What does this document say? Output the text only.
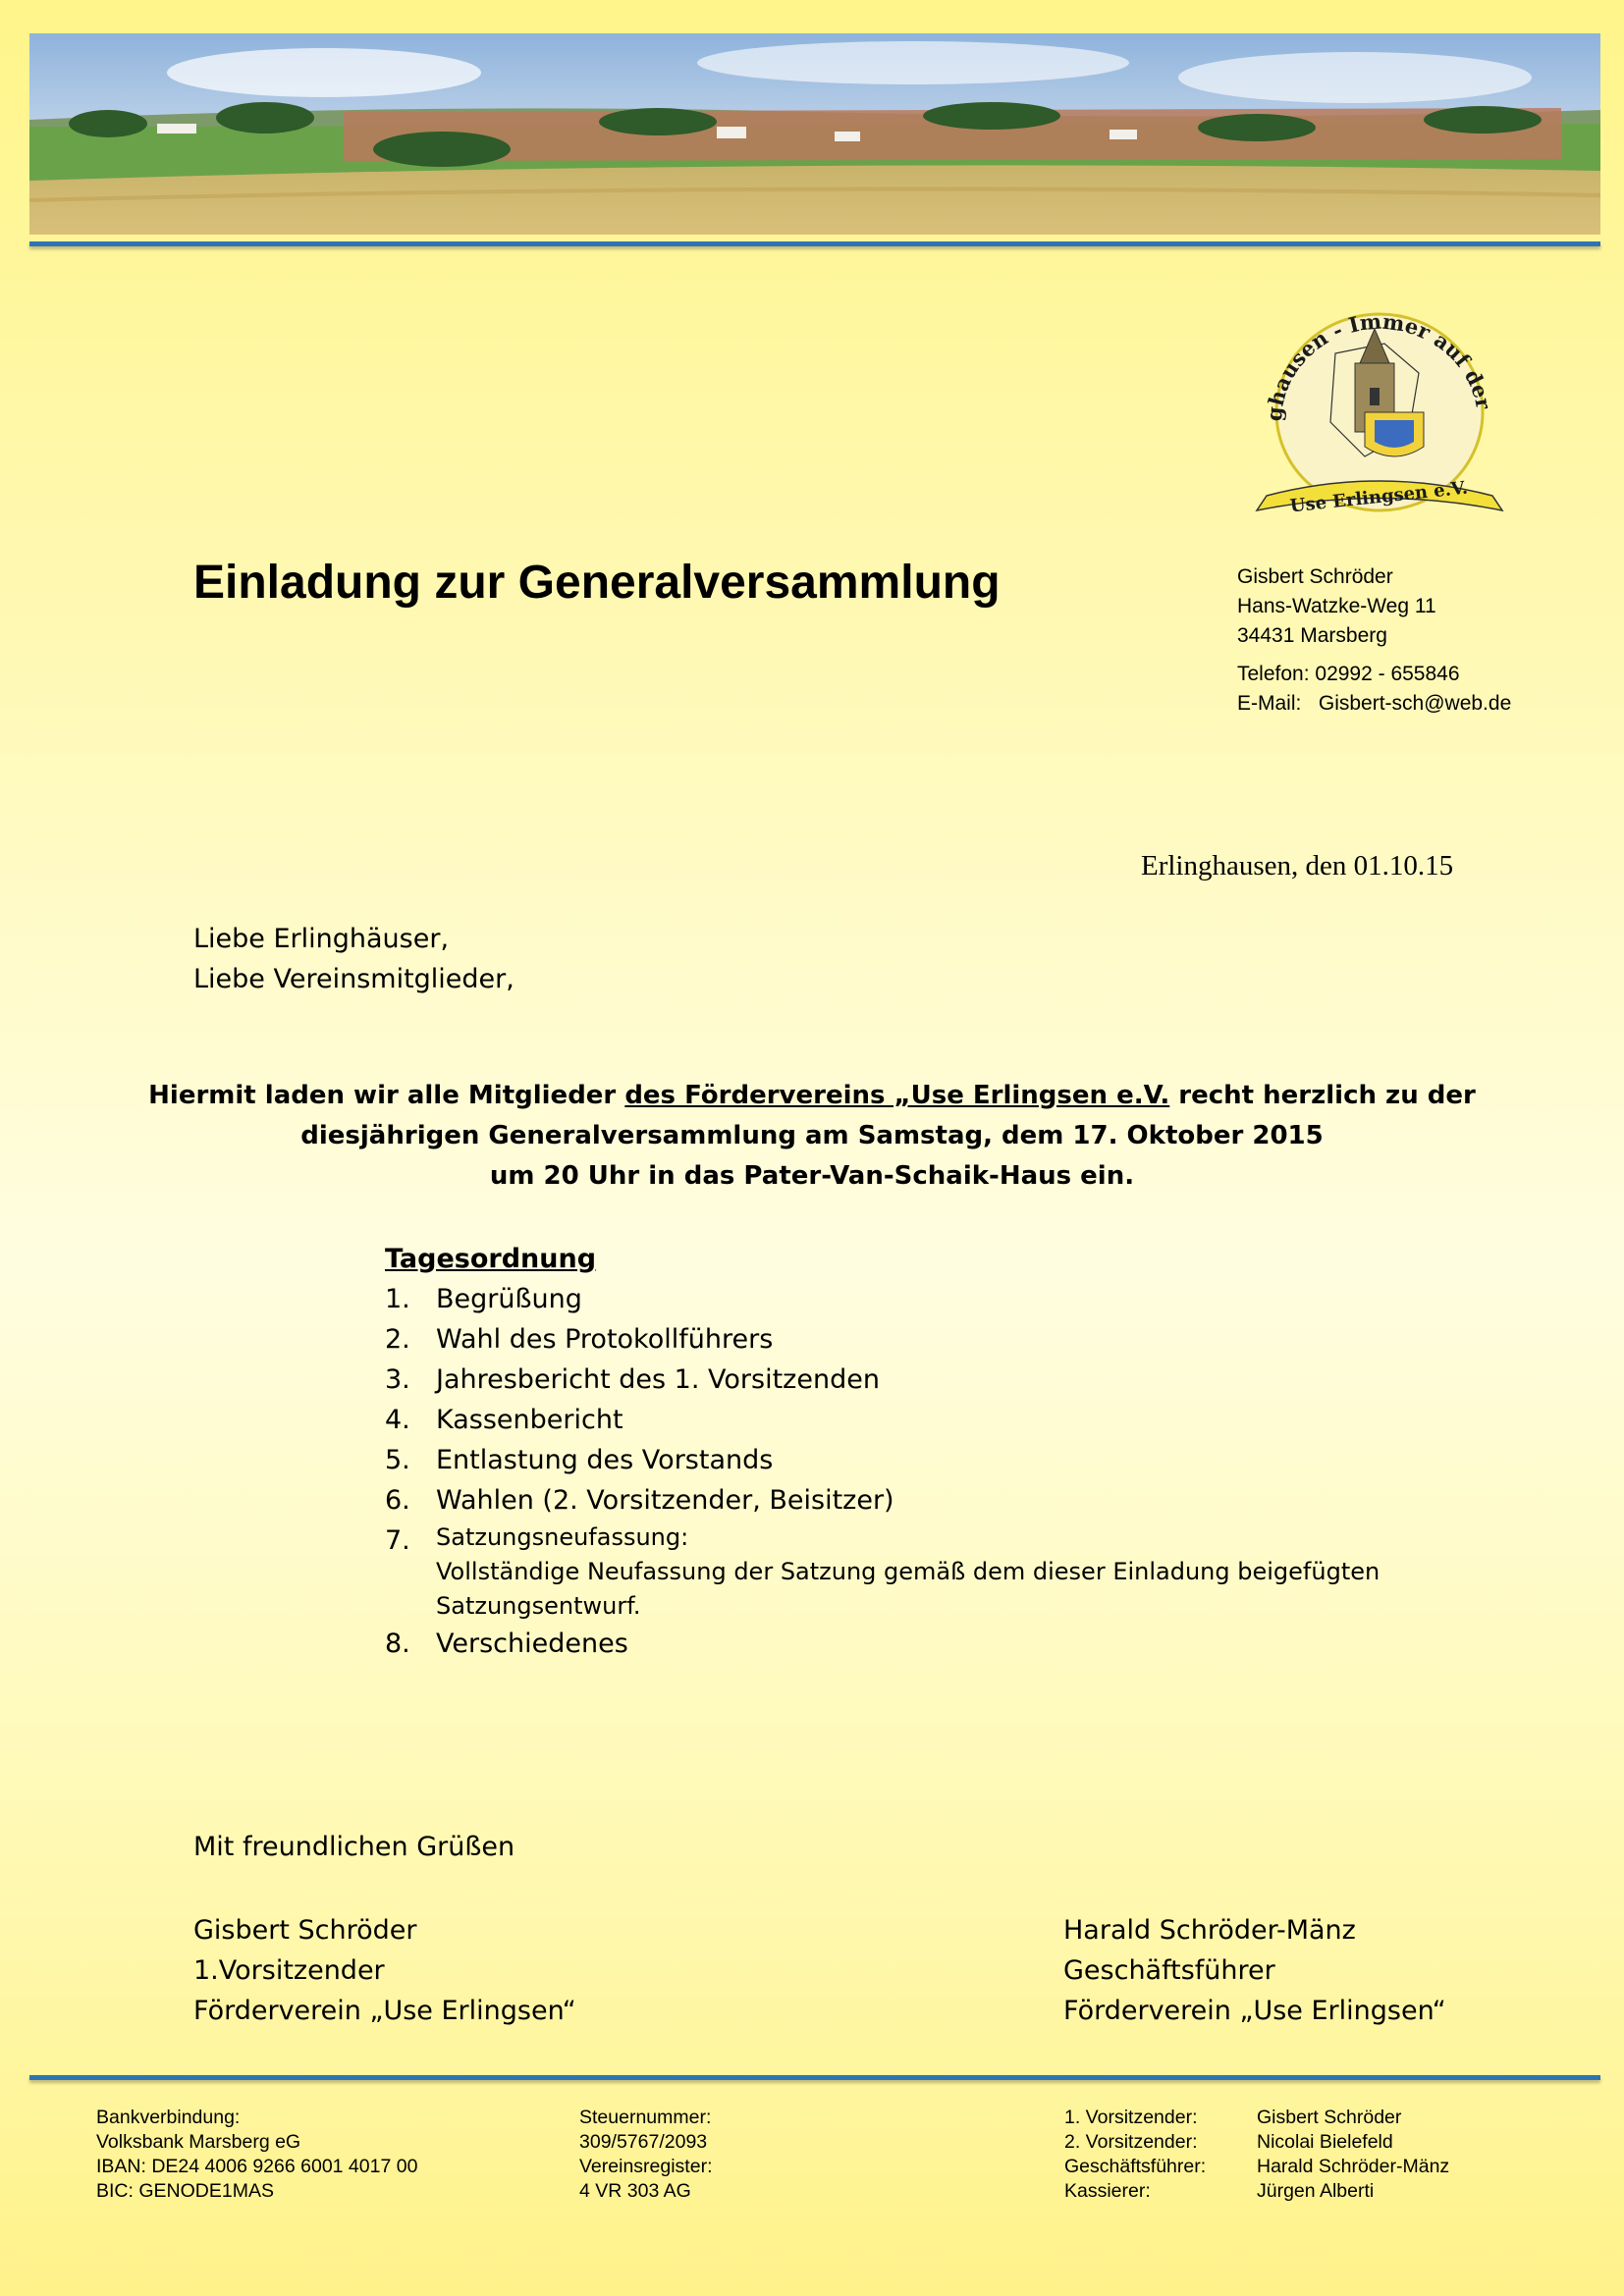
ghausen - Immer auf der
Use Erlingsen e.V.
Einladung zur Generalversammlung	Gisbert Schröder
Hans-Watzke-Weg 11
34431 Marsberg
Telefon: 02992 - 655846
E-Mail: Gisbert-sch@web.de
Erlinghausen, den 01.10.15
Liebe Erlinghäuser,
Liebe Vereinsmitglieder,
Hiermit laden wir alle Mitglieder des Fördervereins „Use Erlingsen e.V. recht herzlich zu der
diesjährigen Generalversammlung am Samstag, dem 17. Oktober 2015
um 20 Uhr in das Pater-Van-Schaik-Haus ein.
Tagesordnung
1. Begrüßung
2. Wahl des Protokollführers
3. Jahresbericht des 1. Vorsitzenden
4. Kassenbericht
5. Entlastung des Vorstands
6. Wahlen (2. Vorsitzender, Beisitzer)
7.	Satzungsneufassung:
Vollständige Neufassung der Satzung gemäß dem dieser Einladung beigefügten
Satzungsentwurf.
8. Verschiedenes
Mit freundlichen Grüßen
Gisbert Schröder
1.Vorsitzender
Förderverein „Use Erlingsen“
Harald Schröder-Mänz
Geschäftsführer
Förderverein „Use Erlingsen“
Bankverbindung:
Volksbank Marsberg eG
IBAN: DE24 4006 9266 6001 4017 00
BIC: GENODE1MAS
Steuernummer:
309/5767/2093
Vereinsregister:
4 VR 303 AG
1. Vorsitzender:	Gisbert Schröder
2. Vorsitzender:	Nicolai Bielefeld
Geschäftsführer:	Harald Schröder-Mänz
Kassierer:	Jürgen Alberti
